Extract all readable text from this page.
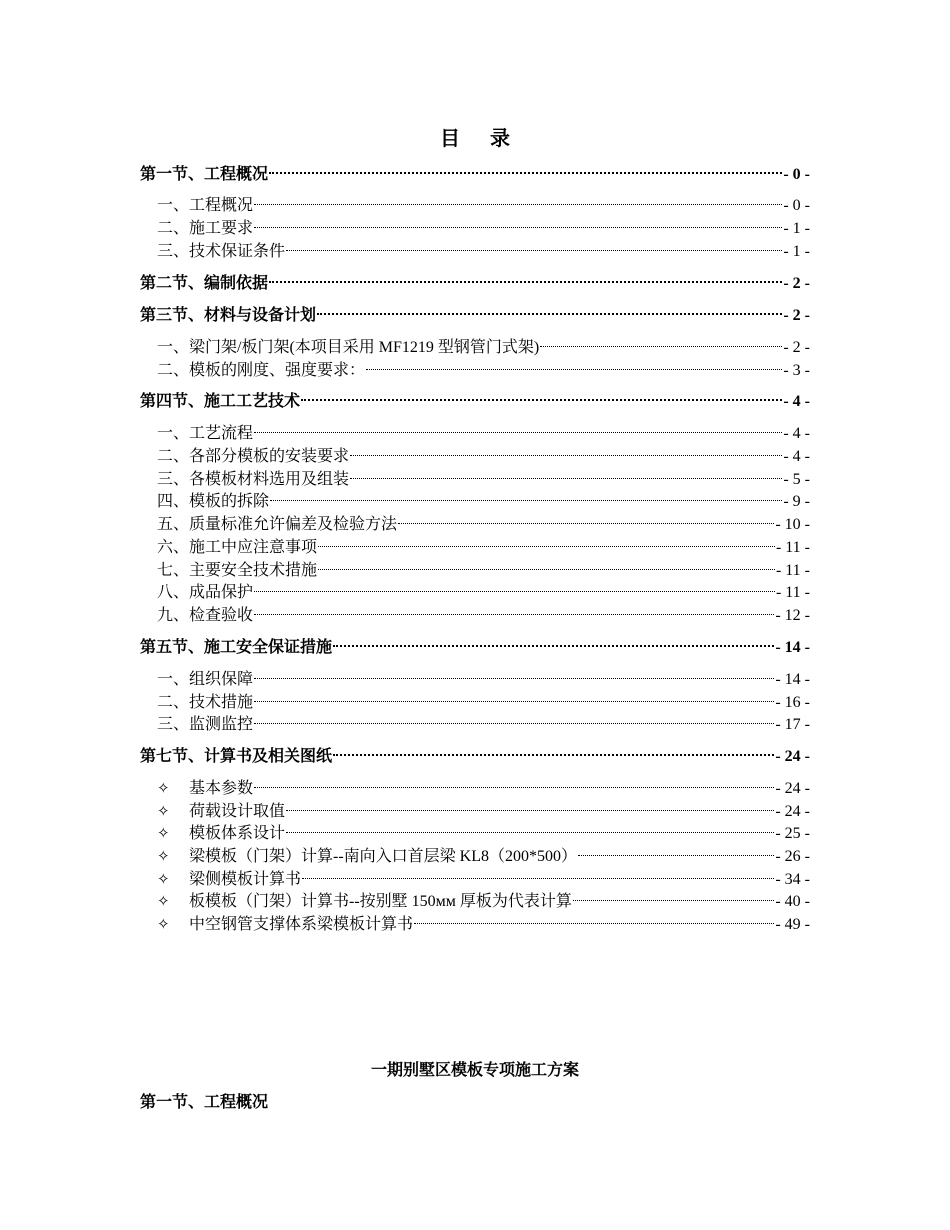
目 录
第一节、工程概况	- 0 -
一、工程概况	- 0 -
二、施工要求	- 1 -
三、技术保证条件	- 1 -
第二节、编制依据	- 2 -
第三节、材料与设备计划	- 2 -
一、梁门架/板门架(本项目采用 MF1219 型钢管门式架)	- 2 -
二、模板的刚度、强度要求：	- 3 -
第四节、施工工艺技术	- 4 -
一、工艺流程	- 4 -
二、各部分模板的安装要求	- 4 -
三、各模板材料选用及组装	- 5 -
四、模板的拆除	- 9 -
五、质量标准允许偏差及检验方法	- 10 -
六、施工中应注意事项	- 11 -
七、主要安全技术措施	- 11 -
八、成品保护	- 11 -
九、检查验收	- 12 -
第五节、施工安全保证措施	- 14 -
一、组织保障	- 14 -
二、技术措施	- 16 -
三、监测监控	- 17 -
第七节、计算书及相关图纸	- 24 -
✧ 基本参数	- 24 -
✧ 荷载设计取值	- 24 -
✧ 模板体系设计	- 25 -
✧ 梁模板（门架）计算--南向入口首层梁 KL8（200*500）	- 26 -
✧ 梁侧模板计算书	- 34 -
✧ 板模板（门架）计算书--按别墅 150ᴍᴍ 厚板为代表计算	- 40 -
✧ 中空钢管支撑体系梁模板计算书	- 49 -
一期别墅区模板专项施工方案
第一节、工程概况
